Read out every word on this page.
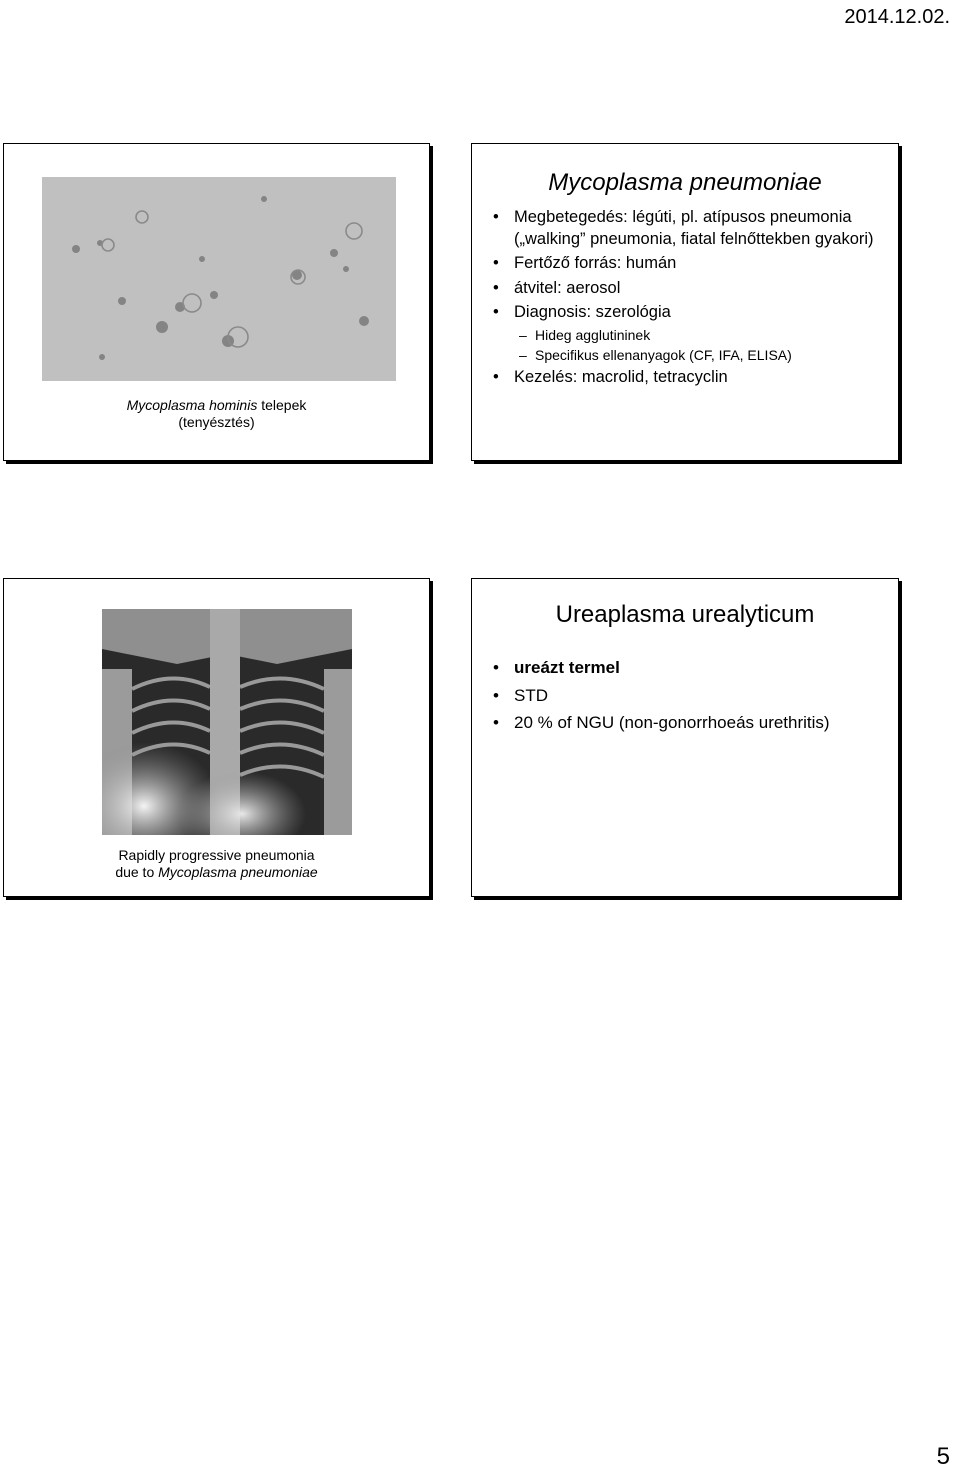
2014.12.02.
Mycoplasma hominis telepek
(tenyésztés)
Mycoplasma pneumoniae
• Megbetegedés: légúti, pl. atípusos pneumonia („walking” pneumonia, fiatal felnőttekben gyakori)
• Fertőző forrás: humán
• átvitel: aerosol
• Diagnosis: szerológia
– Hideg agglutininek
– Specifikus ellenanyagok (CF, IFA, ELISA)
• Kezelés: macrolid, tetracyclin
Rapidly progressive pneumonia
due to Mycoplasma pneumoniae
Ureaplasma urealyticum
• ureázt termel
• STD
• 20 % of NGU (non-gonorrhoeás urethritis)
5
